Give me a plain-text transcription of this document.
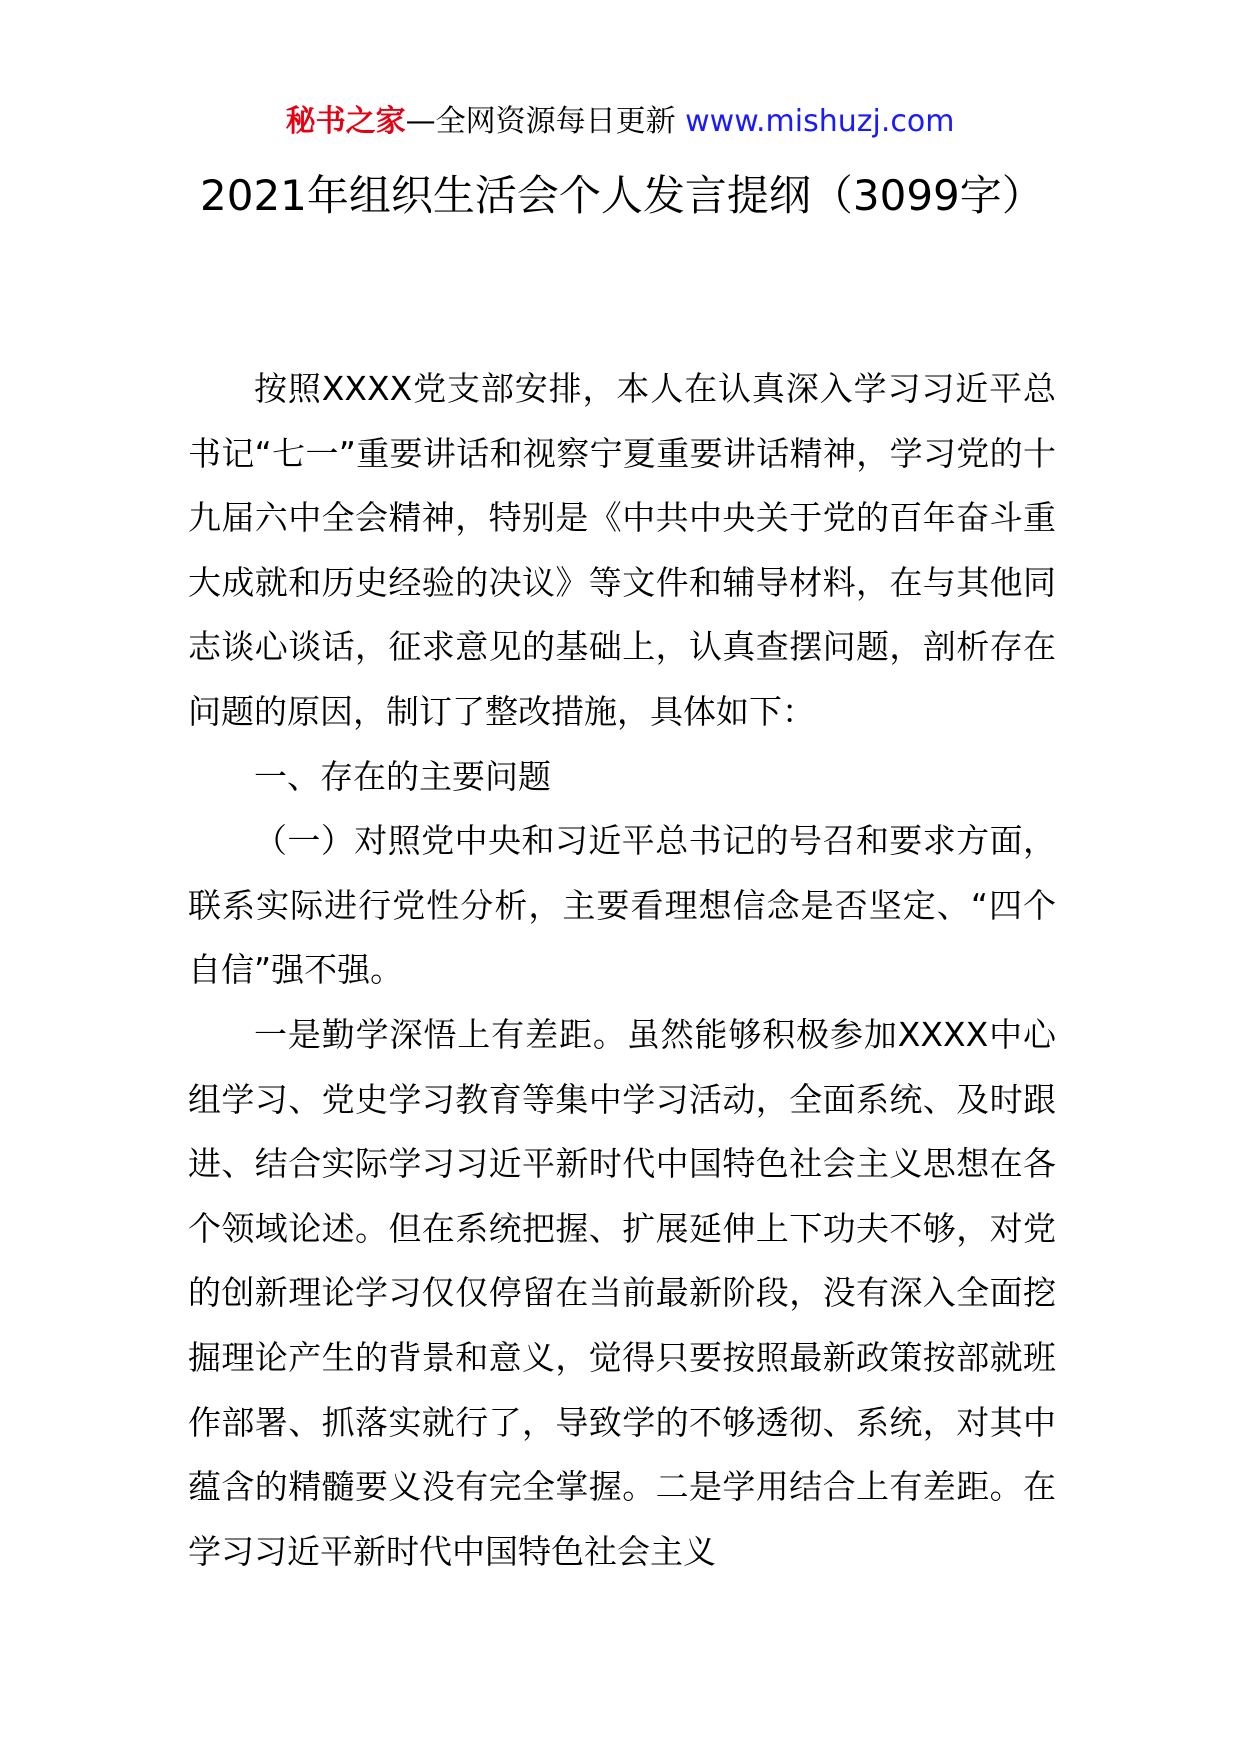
秘书之家—全网资源每日更新 www.mishuzj.com
2021年组织生活会个人发言提纲（3099字）

按照XXXX党支部安排，本人在认真深入学习习近平总书记“七一”重要讲话和视察宁夏重要讲话精神，学习党的十九届六中全会精神，特别是《中共中央关于党的百年奋斗重大成就和历史经验的决议》等文件和辅导材料，在与其他同志谈心谈话，征求意见的基础上，认真查摆问题，剖析存在问题的原因，制订了整改措施，具体如下：

一、存在的主要问题

（一）对照党中央和习近平总书记的号召和要求方面，联系实际进行党性分析，主要看理想信念是否坚定、“四个自信”强不强。

一是勤学深悟上有差距。虽然能够积极参加XXXX中心组学习、党史学习教育等集中学习活动，全面系统、及时跟进、结合实际学习习近平新时代中国特色社会主义思想在各个领域论述。但在系统把握、扩展延伸上下功夫不够，对党的创新理论学习仅仅停留在当前最新阶段，没有深入全面挖掘理论产生的背景和意义，觉得只要按照最新政策按部就班作部署、抓落实就行了，导致学的不够透彻、系统，对其中蕴含的精髓要义没有完全掌握。二是学用结合上有差距。在学习习近平新时代中国特色社会主义
